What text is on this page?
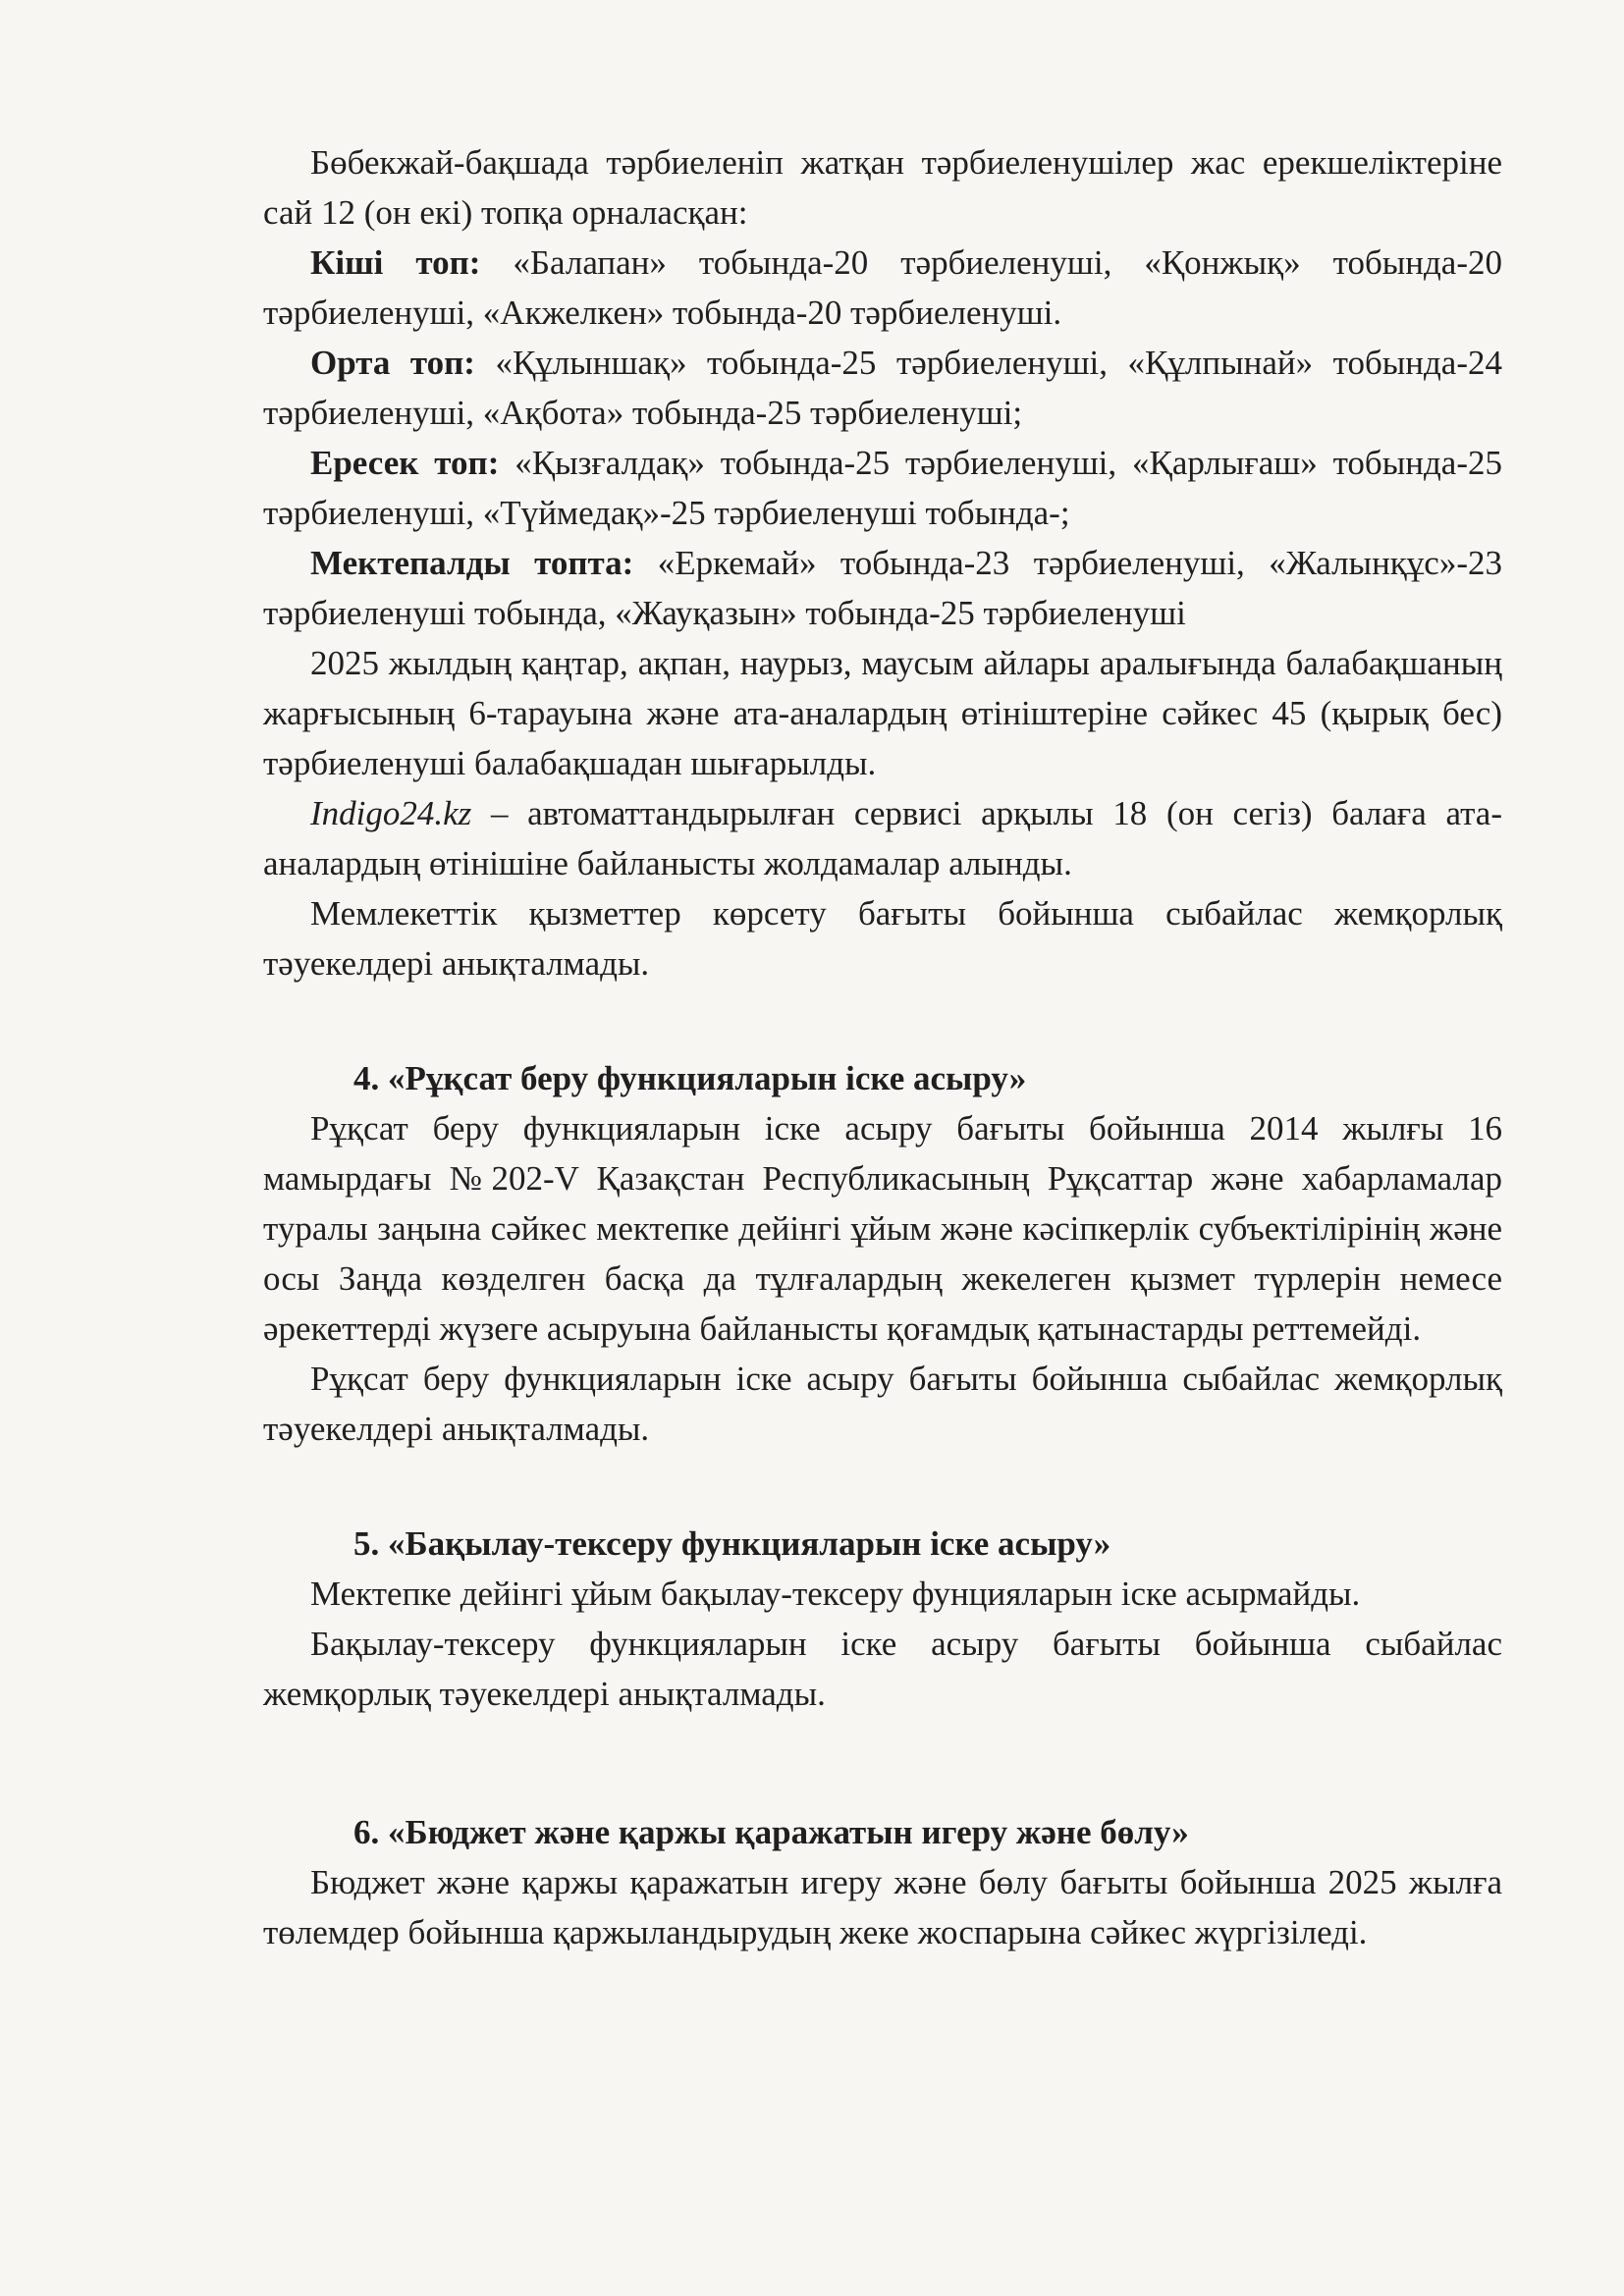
Бөбекжай-бақшада тәрбиеленіп жатқан тәрбиеленушілер жас ерекшеліктеріне сай 12 (он екі) топқа орналасқан:

Кіші топ: «Балапан» тобында-20 тәрбиеленуші, «Қонжық» тобында-20 тәрбиеленуші, «Акжелкен» тобында-20 тәрбиеленуші.

Орта топ: «Құлыншақ» тобында-25 тәрбиеленуші, «Құлпынай» тобында-24 тәрбиеленуші, «Ақбота» тобында-25 тәрбиеленуші;

Ересек топ: «Қызғалдақ» тобында-25 тәрбиеленуші, «Қарлығаш» тобында-25 тәрбиеленуші, «Түймедақ»-25 тәрбиеленуші тобында-;

Мектепалды топта: «Еркемай» тобында-23 тәрбиеленуші, «Жалынқұс»-23 тәрбиеленуші тобында, «Жауқазын» тобында-25 тәрбиеленуші

2025 жылдың қаңтар, ақпан, наурыз, маусым айлары аралығында балабақшаның жарғысының 6-тарауына және ата-аналардың өтініштеріне сәйкес 45 (қырық бес) тәрбиеленуші балабақшадан шығарылды.

Indigo24.kz – автоматтандырылған сервисі арқылы 18 (он сегіз) балаға ата-аналардың өтінішіне байланысты жолдамалар алынды.

Мемлекеттік қызметтер көрсету бағыты бойынша сыбайлас жемқорлық тәуекелдері анықталмады.

4. «Рұқсат беру функцияларын іске асыру»

Рұқсат беру функцияларын іске асыру бағыты бойынша 2014 жылғы 16 мамырдағы №202-V Қазақстан Республикасының Рұқсаттар және хабарламалар туралы заңына сәйкес мектепке дейінгі ұйым және кәсіпкерлік субъектілірінің және осы Заңда көзделген басқа да тұлғалардың жекелеген қызмет түрлерін немесе әрекеттерді жүзеге асыруына байланысты қоғамдық қатынастарды реттемейді.

Рұқсат беру функцияларын іске асыру бағыты бойынша сыбайлас жемқорлық тәуекелдері анықталмады.

5. «Бақылау-тексеру функцияларын іске асыру»

Мектепке дейінгі ұйым бақылау-тексеру фунцияларын іске асырмайды.

Бақылау-тексеру функцияларын іске асыру бағыты бойынша сыбайлас жемқорлық тәуекелдері анықталмады.

6. «Бюджет және қаржы қаражатын игеру және бөлу»

Бюджет және қаржы қаражатын игеру және бөлу бағыты бойынша 2025 жылға төлемдер бойынша қаржыландырудың жеке жоспарына сәйкес жүргізіледі.
